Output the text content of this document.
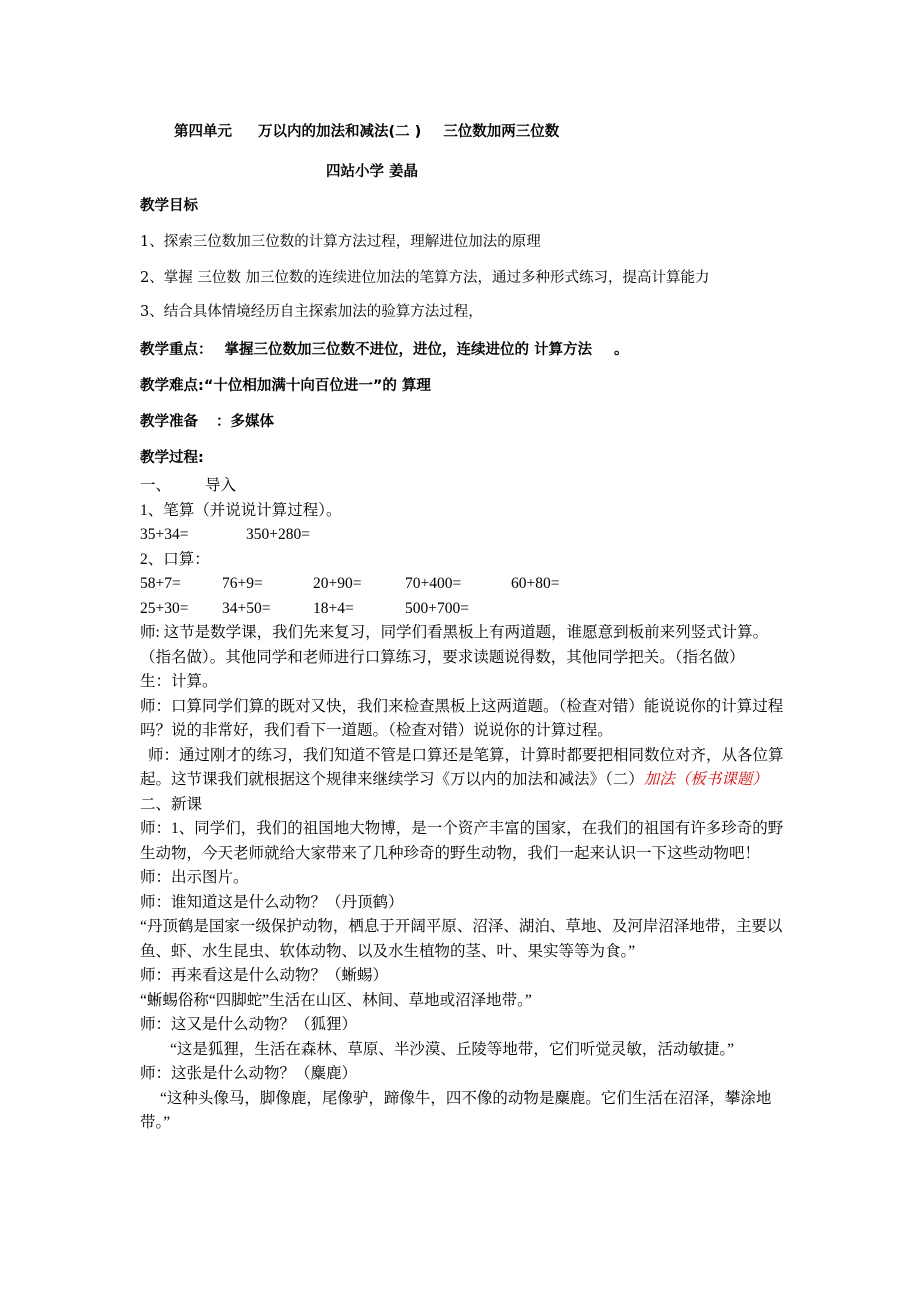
第四单元 万以内的加法和减法(二 ) 三位数加两三位数
四站小学 姜晶
教学目标
1、探索三位数加三位数的计算方法过程，理解进位加法的原理
2、掌握 三位数 加三位数的连续进位加法的笔算方法，通过多种形式练习，提高计算能力
3、结合具体情境经历自主探索加法的验算方法过程，
教学重点： 掌握三位数加三位数不进位，进位，连续进位的 计算方法 。
教学难点:“十位相加满十向百位进一”的 算理
教学准备 ：多媒体
教学过程:
一、 导入
1、笔算（并说说计算过程）。
35+34=	350+280=
2、口算：
58+7=	76+9=	20+90=	70+400=	60+80=
25+30= 34+50=	18+4=	500+700=
师: 这节是数学课，我们先来复习，同学们看黑板上有两道题，谁愿意到板前来列竖式计算。（指名做）。其他同学和老师进行口算练习，要求读题说得数，其他同学把关。（指名做）
生：计算。
师：口算同学们算的既对又快，我们来检查黑板上这两道题。（检查对错）能说说你的计算过程吗？说的非常好，我们看下一道题。（检查对错）说说你的计算过程。
师：通过刚才的练习，我们知道不管是口算还是笔算，计算时都要把相同数位对齐，从各位算起。这节课我们就根据这个规律来继续学习《万以内的加法和减法》（二）加法（板书课题）
二、新课
师：1、同学们，我们的祖国地大物博，是一个资产丰富的国家，在我们的祖国有许多珍奇的野生动物，今天老师就给大家带来了几种珍奇的野生动物，我们一起来认识一下这些动物吧！
师：出示图片。
师：谁知道这是什么动物？（丹顶鹤）
“丹顶鹤是国家一级保护动物，栖息于开阔平原、沼泽、湖泊、草地、及河岸沼泽地带，主要以鱼、虾、水生昆虫、软体动物、以及水生植物的茎、叶、果实等等为食。”
师：再来看这是什么动物？（蜥蜴）
“蜥蜴俗称“四脚蛇”生活在山区、林间、草地或沼泽地带。”
师：这又是什么动物？（狐狸）
“这是狐狸，生活在森林、草原、半沙漠、丘陵等地带，它们听觉灵敏，活动敏捷。”
师：这张是什么动物？（麋鹿）
“这种头像马，脚像鹿，尾像驴，蹄像牛，四不像的动物是麋鹿。它们生活在沼泽，攀涂地带。”
